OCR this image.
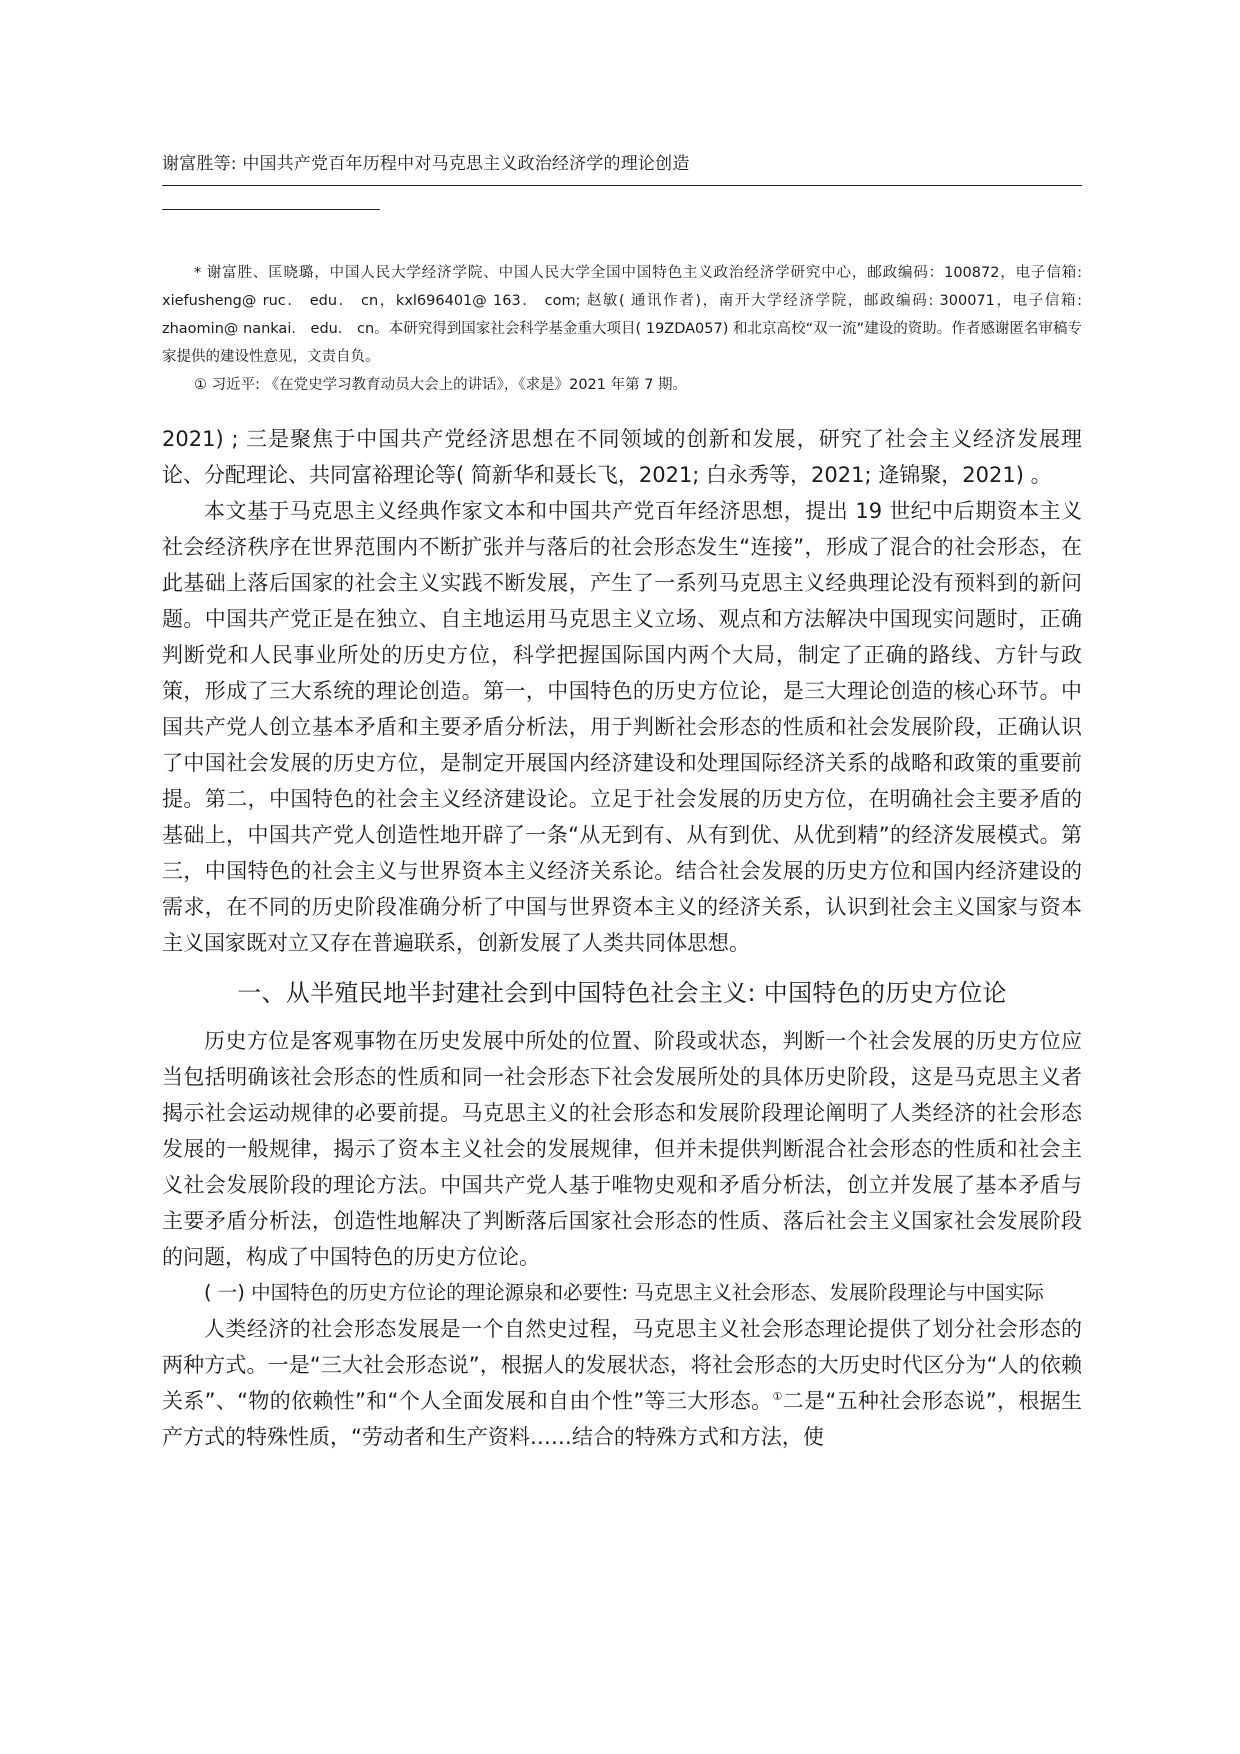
谢富胜等: 中国共产党百年历程中对马克思主义政治经济学的理论创造

* 谢富胜、匡晓璐，中国人民大学经济学院、中国人民大学全国中国特色主义政治经济学研究中心，邮政编码：100872，电子信箱: xiefusheng@ ruc． edu． cn，kxl696401@ 163． com; 赵敏( 通讯作者)，南开大学经济学院，邮政编码: 300071，电子信箱: zhaomin@ nankai． edu． cn。本研究得到国家社会科学基金重大项目( 19ZDA057) 和北京高校“双一流”建设的资助。作者感谢匿名审稿专家提供的建设性意见，文责自负。

① 习近平: 《在党史学习教育动员大会上的讲话》，《求是》2021 年第 7 期。

2021) ; 三是聚焦于中国共产党经济思想在不同领域的创新和发展，研究了社会主义经济发展理论、分配理论、共同富裕理论等( 简新华和聂长飞，2021; 白永秀等，2021; 逄锦聚，2021) 。

本文基于马克思主义经典作家文本和中国共产党百年经济思想，提出 19 世纪中后期资本主义社会经济秩序在世界范围内不断扩张并与落后的社会形态发生“连接”，形成了混合的社会形态，在此基础上落后国家的社会主义实践不断发展，产生了一系列马克思主义经典理论没有预料到的新问题。中国共产党正是在独立、自主地运用马克思主义立场、观点和方法解决中国现实问题时，正确判断党和人民事业所处的历史方位，科学把握国际国内两个大局，制定了正确的路线、方针与政策，形成了三大系统的理论创造。第一，中国特色的历史方位论，是三大理论创造的核心环节。中国共产党人创立基本矛盾和主要矛盾分析法，用于判断社会形态的性质和社会发展阶段，正确认识了中国社会发展的历史方位，是制定开展国内经济建设和处理国际经济关系的战略和政策的重要前提。第二，中国特色的社会主义经济建设论。立足于社会发展的历史方位，在明确社会主要矛盾的基础上，中国共产党人创造性地开辟了一条“从无到有、从有到优、从优到精”的经济发展模式。第三，中国特色的社会主义与世界资本主义经济关系论。结合社会发展的历史方位和国内经济建设的需求，在不同的历史阶段准确分析了中国与世界资本主义的经济关系，认识到社会主义国家与资本主义国家既对立又存在普遍联系，创新发展了人类共同体思想。

一、从半殖民地半封建社会到中国特色社会主义: 中国特色的历史方位论

历史方位是客观事物在历史发展中所处的位置、阶段或状态，判断一个社会发展的历史方位应当包括明确该社会形态的性质和同一社会形态下社会发展所处的具体历史阶段，这是马克思主义者揭示社会运动规律的必要前提。马克思主义的社会形态和发展阶段理论阐明了人类经济的社会形态发展的一般规律，揭示了资本主义社会的发展规律，但并未提供判断混合社会形态的性质和社会主义社会发展阶段的理论方法。中国共产党人基于唯物史观和矛盾分析法，创立并发展了基本矛盾与主要矛盾分析法，创造性地解决了判断落后国家社会形态的性质、落后社会主义国家社会发展阶段的问题，构成了中国特色的历史方位论。

( 一) 中国特色的历史方位论的理论源泉和必要性: 马克思主义社会形态、发展阶段理论与中国实际

人类经济的社会形态发展是一个自然史过程，马克思主义社会形态理论提供了划分社会形态的两种方式。一是“三大社会形态说”，根据人的发展状态，将社会形态的大历史时代区分为“人的依赖关系”、“物的依赖性”和“个人全面发展和自由个性”等三大形态。①二是“五种社会形态说”，根据生产方式的特殊性质，“劳动者和生产资料……结合的特殊方式和方法，使
